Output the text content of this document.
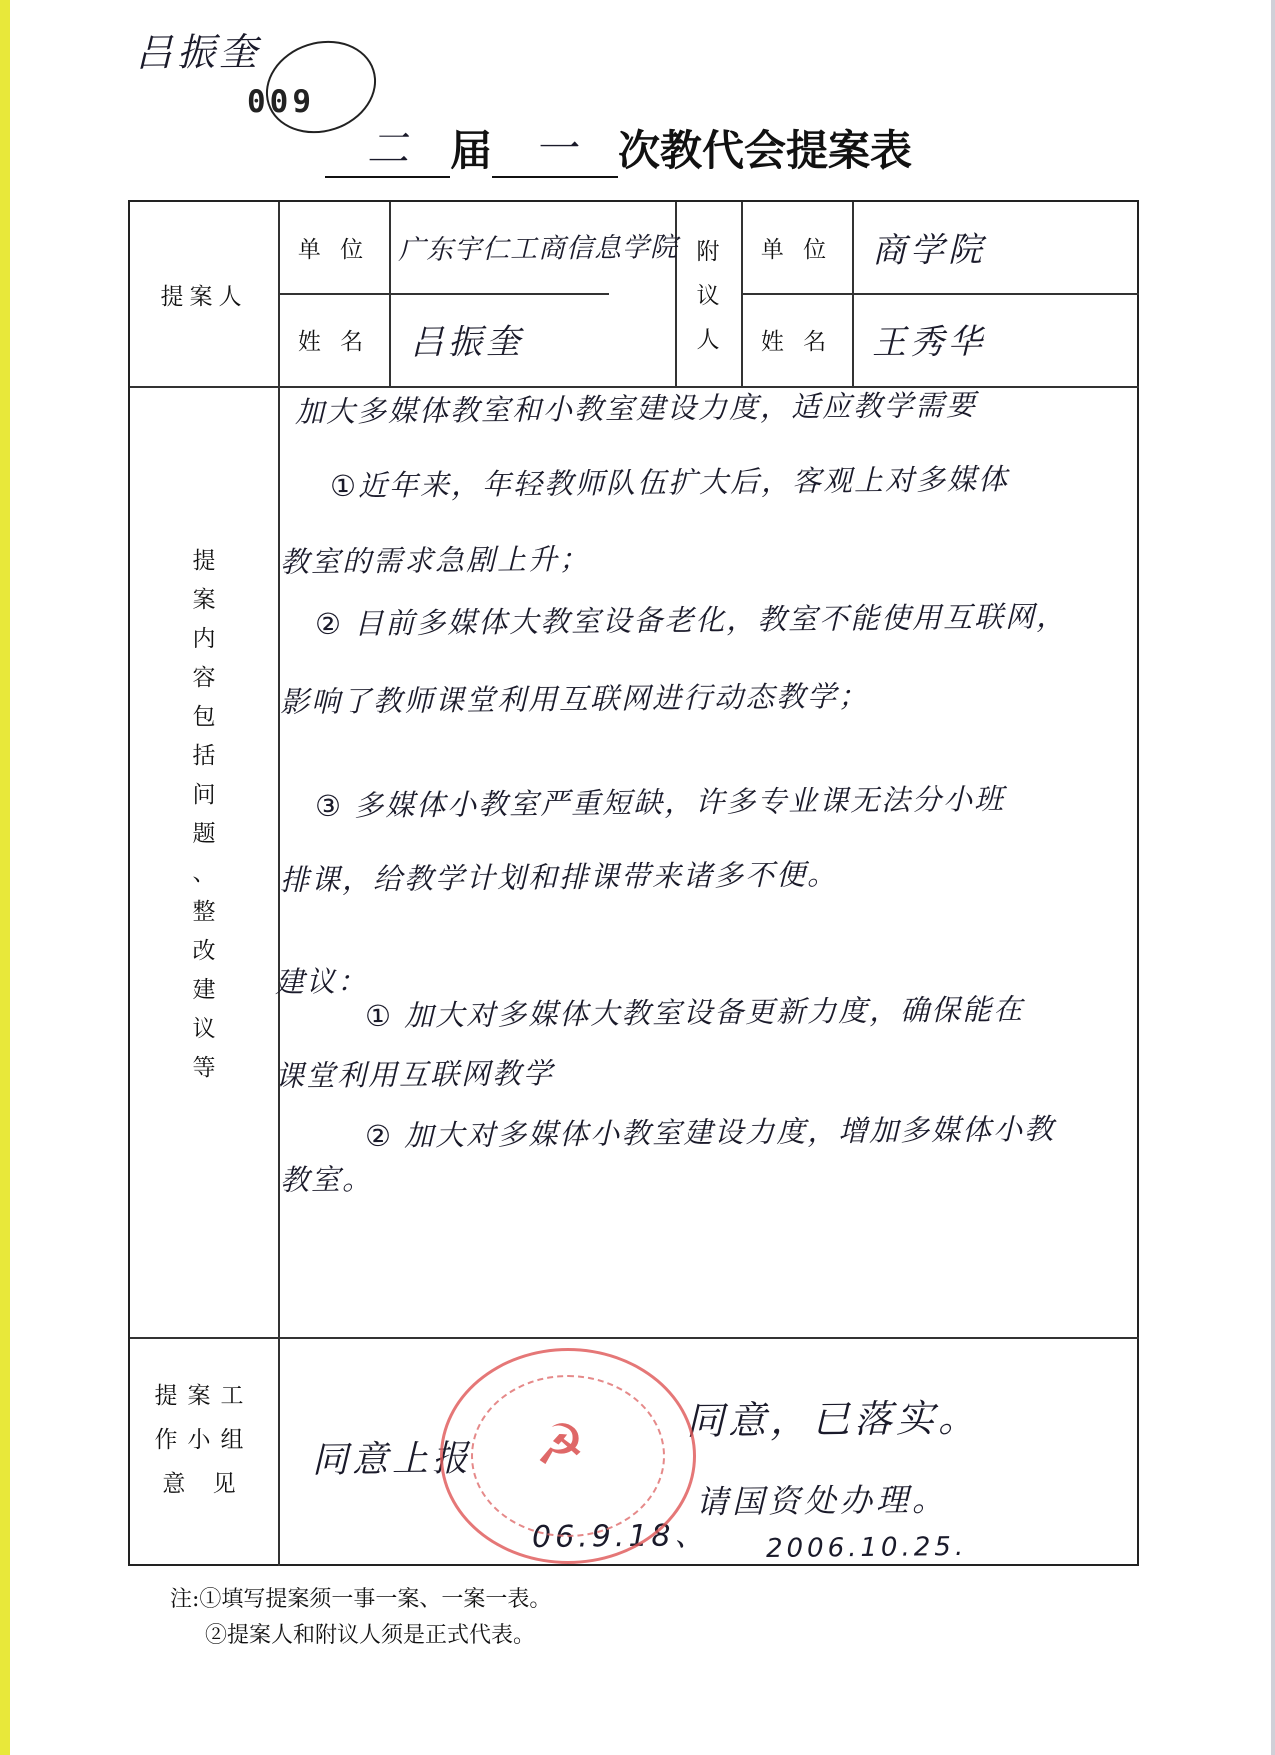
吕振奎
009
二 届 一	次教代会提案表
提案人
单 位
姓 名
广东宇仁工商信息学院
吕振奎
附议人
单 位
姓 名
商学院
王秀华
提
案
内
容
包
括
问
题
、
整
改
建
议
等
加大多媒体教室和小教室建设力度，适应教学需要
①近年来，年轻教师队伍扩大后，客观上对多媒体
教室的需求急剧上升；
② 目前多媒体大教室设备老化，教室不能使用互联网，
影响了教师课堂利用互联网进行动态教学；
③ 多媒体小教室严重短缺，许多专业课无法分小班
排课，给教学计划和排课带来诸多不便。
建议：
① 加大对多媒体大教室设备更新力度，确保能在
课堂利用互联网教学
② 加大对多媒体小教室建设力度，增加多媒体小教
教室。
提案工
作小组
意 见
同意上报
06.9.18、
同意，已落实。
请国资处办理。
2006.10.25.
☭
注:①填写提案须一事一案、一案一表。
②提案人和附议人须是正式代表。
